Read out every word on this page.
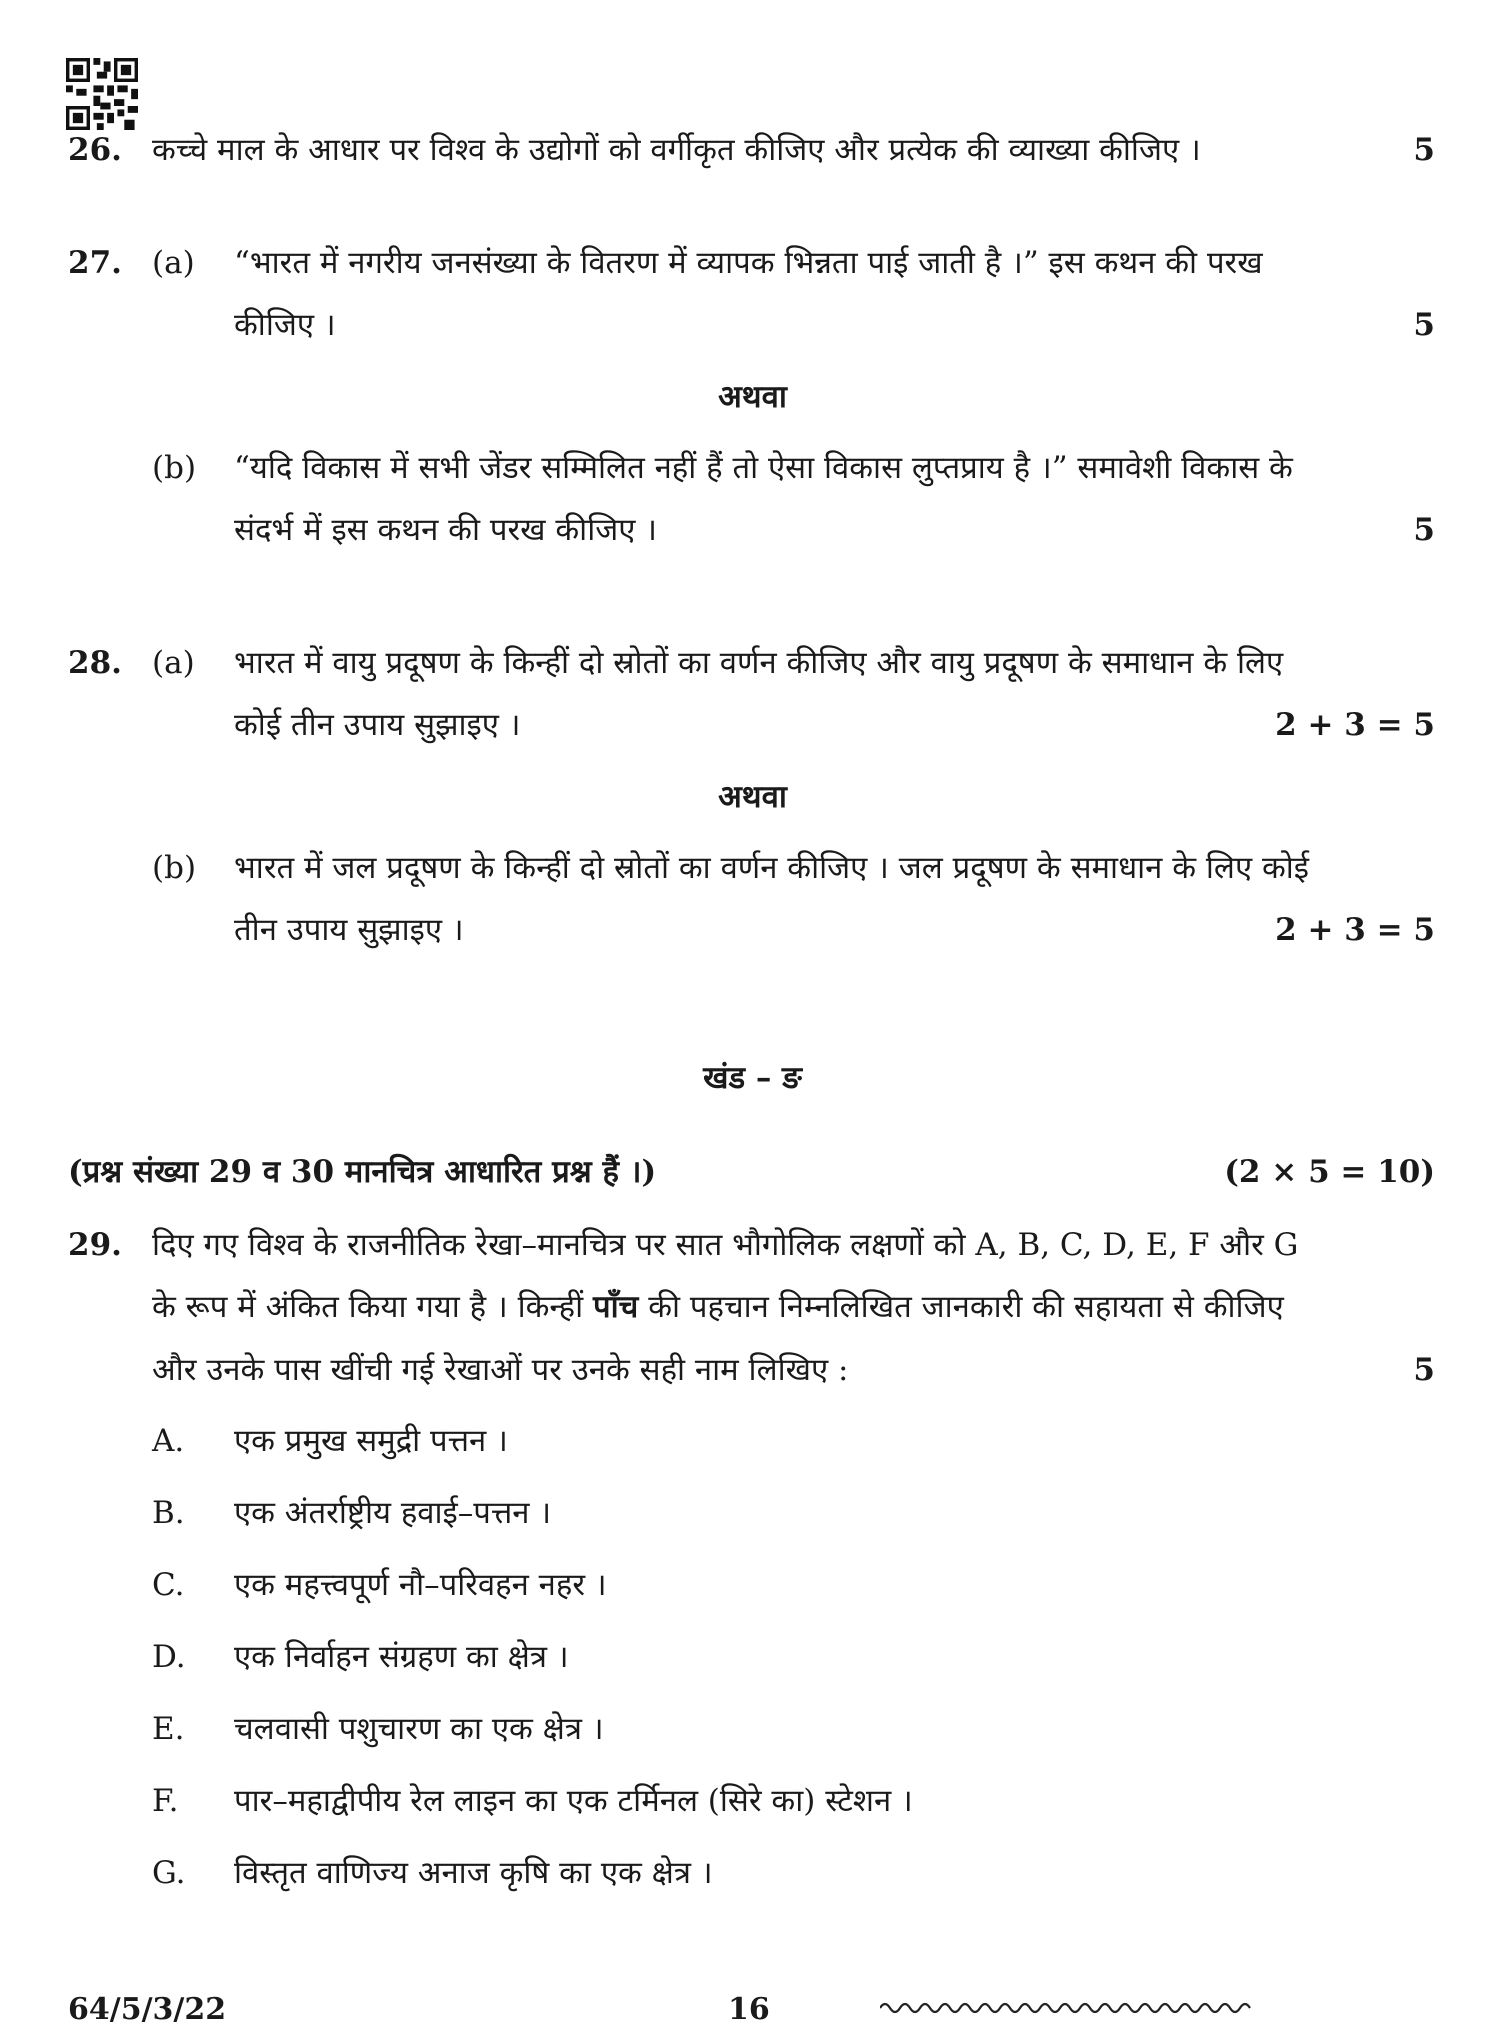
26. कच्चे माल के आधार पर विश्व के उद्योगों को वर्गीकृत कीजिए और प्रत्येक की व्याख्या कीजिए ।	5
27. (a) “भारत में नगरीय जनसंख्या के वितरण में व्यापक भिन्नता पाई जाती है ।” इस कथन की परख
कीजिए ।	5
अथवा
(b) “यदि विकास में सभी जेंडर सम्मिलित नहीं हैं तो ऐसा विकास लुप्तप्राय है ।” समावेशी विकास के
संदर्भ में इस कथन की परख कीजिए ।	5
28. (a) भारत में वायु प्रदूषण के किन्हीं दो स्रोतों का वर्णन कीजिए और वायु प्रदूषण के समाधान के लिए
कोई तीन उपाय सुझाइए ।	2 + 3 = 5
अथवा
(b) भारत में जल प्रदूषण के किन्हीं दो स्रोतों का वर्णन कीजिए । जल प्रदूषण के समाधान के लिए कोई
तीन उपाय सुझाइए ।	2 + 3 = 5
खंड – ङ
(प्रश्न संख्या 29 व 30 मानचित्र आधारित प्रश्न हैं ।)	(2 × 5 = 10)
29. दिए गए विश्व के राजनीतिक रेखा–मानचित्र पर सात भौगोलिक लक्षणों को A, B, C, D, E, F और G
के रूप में अंकित किया गया है । किन्हीं पाँच की पहचान निम्नलिखित जानकारी की सहायता से कीजिए
और उनके पास खींची गई रेखाओं पर उनके सही नाम लिखिए :	5
A. एक प्रमुख समुद्री पत्तन ।
B. एक अंतर्राष्ट्रीय हवाई–पत्तन ।
C. एक महत्त्वपूर्ण नौ–परिवहन नहर ।
D. एक निर्वाहन संग्रहण का क्षेत्र ।
E. चलवासी पशुचारण का एक क्षेत्र ।
F. पार–महाद्वीपीय रेल लाइन का एक टर्मिनल (सिरे का) स्टेशन ।
G. विस्तृत वाणिज्य अनाज कृषि का एक क्षेत्र ।
64/5/3/22	16
